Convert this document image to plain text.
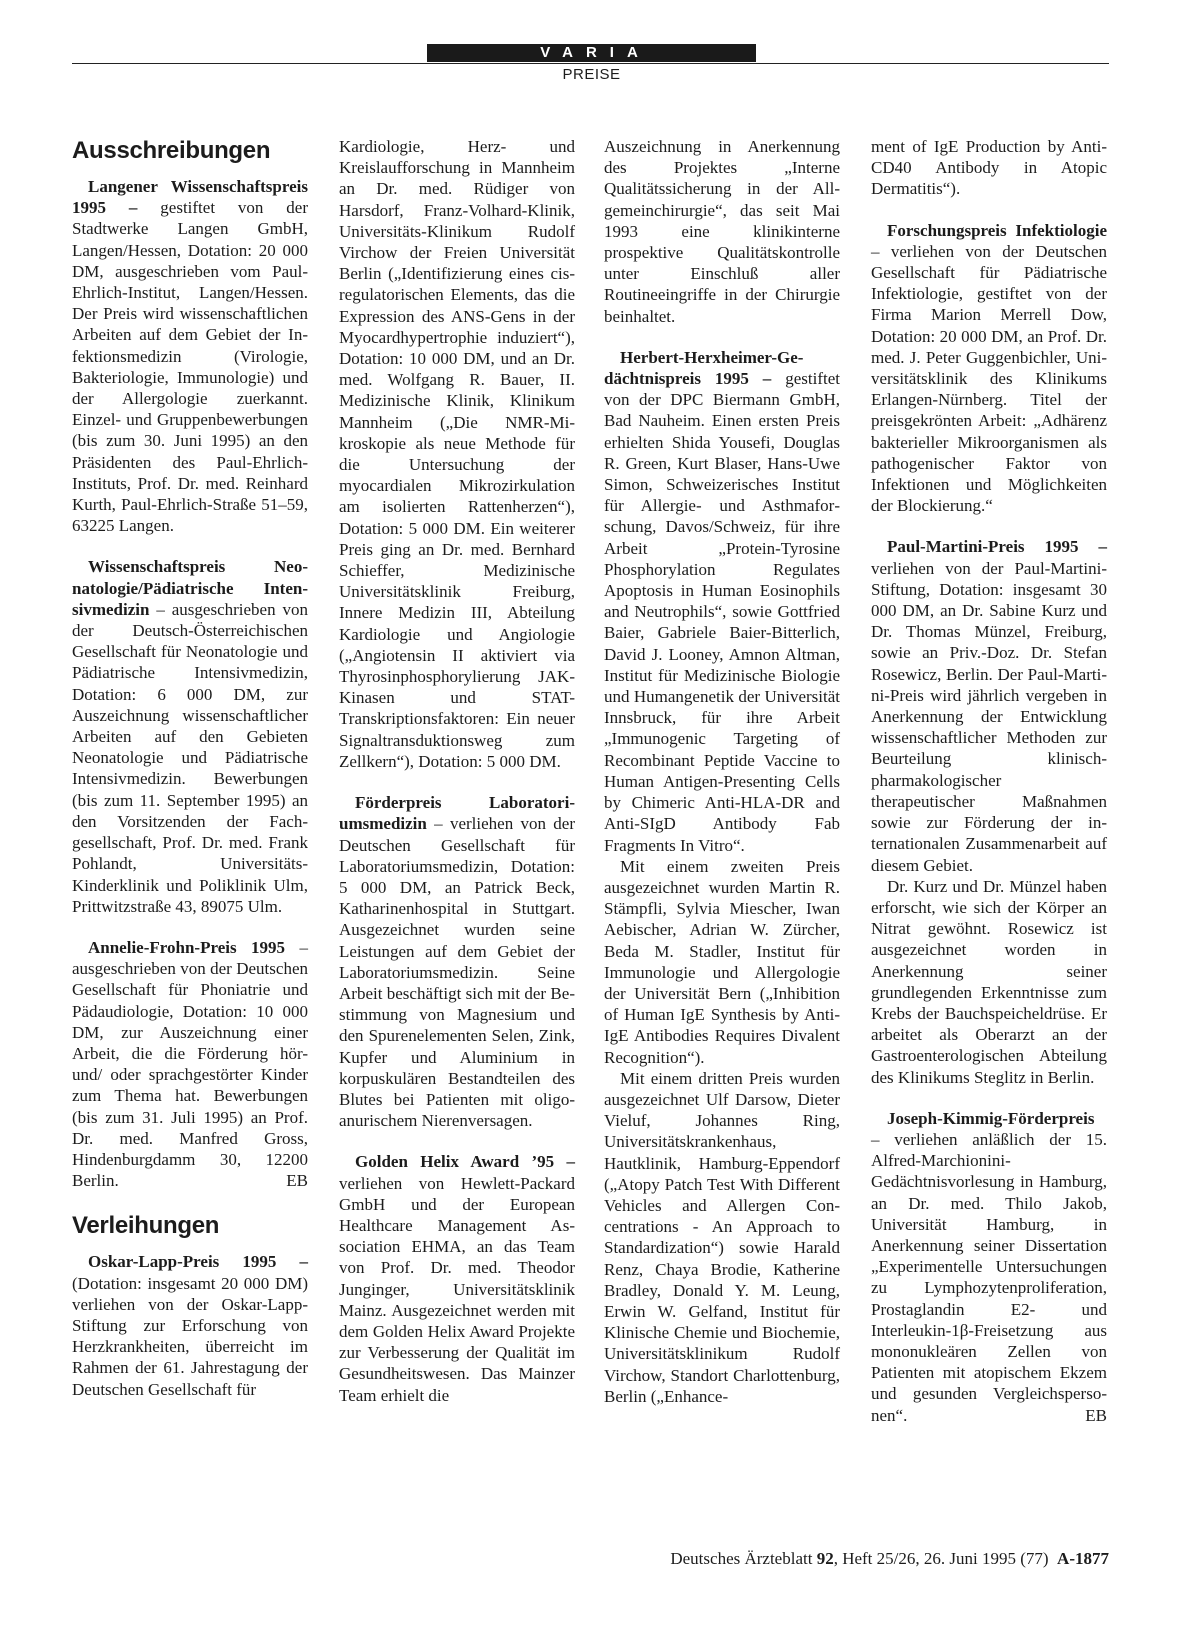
VARIA
PREISE
Ausschreibungen

Langener Wissenschaftspreis 1995 – gestiftet von der Stadtwerke Langen GmbH, Langen/Hessen, Dotation: 20 000 DM, ausgeschrieben vom Paul-Ehrlich-Institut, Langen/Hessen. Der Preis wird wissenschaftlichen Arbeiten auf dem Gebiet der Infektionsmedizin (Virologie, Bakteriologie, Immunologie) und der Allergologie zuerkannt. Einzel- und Gruppenbewerbungen (bis zum 30. Juni 1995) an den Präsidenten des Paul-Ehrlich-Instituts, Prof. Dr. med. Reinhard Kurth, Paul-Ehrlich-Straße 51–59, 63225 Langen.

Wissenschaftspreis Neonatologie/Pädiatrische Intensivmedizin – ausgeschrieben von der Deutsch-Österreichischen Gesellschaft für Neonatologie und Pädiatrische Intensivmedizin, Dotation: 6 000 DM, zur Auszeichnung wissenschaftlicher Arbeiten auf den Gebieten Neonatologie und Pädiatrische Intensivmedizin. Bewerbungen (bis zum 11. September 1995) an den Vorsitzenden der Fachgesellschaft, Prof. Dr. med. Frank Pohlandt, Universitäts-Kinderklinik und Poliklinik Ulm, Prittwitzstraße 43, 89075 Ulm.

Annelie-Frohn-Preis 1995 – ausgeschrieben von der Deutschen Gesellschaft für Phoniatrie und Pädaudiologie, Dotation: 10 000 DM, zur Auszeichnung einer Arbeit, die die Förderung hör- und/ oder sprachgestörter Kinder zum Thema hat. Bewerbungen (bis zum 31. Juli 1995) an Prof. Dr. med. Manfred Gross, Hindenburgdamm 30, 12200 Berlin.	EB

Verleihungen

Oskar-Lapp-Preis 1995 – (Dotation: insgesamt 20 000 DM) verliehen von der Oskar-Lapp-Stiftung zur Erforschung von Herzkrankheiten, überreicht im Rahmen der 61. Jahrestagung der Deutschen Gesellschaft für

Kardiologie, Herz- und Kreislaufforschung in Mannheim an Dr. med. Rüdiger von Harsdorf, Franz-Volhard-Klinik, Universitäts-Klinikum Rudolf Virchow der Freien Universität Berlin („Identifizierung eines cis-regulatorischen Elements, das die Expression des ANS-Gens in der Myocardhypertrophie induziert“), Dotation: 10 000 DM, und an Dr. med. Wolfgang R. Bauer, II. Medizinische Klinik, Klinikum Mannheim („Die NMR-Mikroskopie als neue Methode für die Untersuchung der myocardialen Mikrozirkulation am isolierten Rattenherzen“), Dotation: 5 000 DM. Ein weiterer Preis ging an Dr. med. Bernhard Schieffer, Medizinische Universitätsklinik Freiburg, Innere Medizin III, Abteilung Kardiologie und Angiologie („Angiotensin II aktiviert via Thyrosinphosphorylierung JAK-Kinasen und STAT-Transkriptionsfaktoren: Ein neuer Signaltransduktionsweg zum Zellkern“), Dotation: 5 000 DM.

Förderpreis Laboratoriumsmedizin – verliehen von der Deutschen Gesellschaft für Laboratoriumsmedizin, Dotation: 5 000 DM, an Patrick Beck, Katharinenhospital in Stuttgart. Ausgezeichnet wurden seine Leistungen auf dem Gebiet der Laboratoriumsmedizin. Seine Arbeit beschäftigt sich mit der Bestimmung von Magnesium und den Spurenelementen Selen, Zink, Kupfer und Aluminium in korpuskulären Bestandteilen des Blutes bei Patienten mit oligo-anurischem Nierenversagen.

Golden Helix Award ’95 – verliehen von Hewlett-Packard GmbH und der European Healthcare Management Association EHMA, an das Team von Prof. Dr. med. Theodor Junginger, Universitätsklinik Mainz. Ausgezeichnet werden mit dem Golden Helix Award Projekte zur Verbesserung der Qualität im Gesundheitswesen. Das Mainzer Team erhielt die

Auszeichnung in Anerkennung des Projektes „Interne Qualitätssicherung in der Allgemeinchirurgie“, das seit Mai 1993 eine klinikinterne prospektive Qualitätskontrolle unter Einschluß aller Routineeingriffe in der Chirurgie beinhaltet.

Herbert-Herxheimer-Gedächtnispreis 1995 – gestiftet von der DPC Biermann GmbH, Bad Nauheim. Einen ersten Preis erhielten Shida Yousefi, Douglas R. Green, Kurt Blaser, Hans-Uwe Simon, Schweizerisches Institut für Allergie- und Asthmaforschung, Davos/Schweiz, für ihre Arbeit „Protein-Tyrosine Phosphorylation Regulates Apoptosis in Human Eosinophils and Neutrophils“, sowie Gottfried Baier, Gabriele Baier-Bitterlich, David J. Looney, Amnon Altman, Institut für Medizinische Biologie und Humangenetik der Universität Innsbruck, für ihre Arbeit „Immunogenic Targeting of Recombinant Peptide Vaccine to Human Antigen-Presenting Cells by Chimeric Anti-HLA-DR and Anti-SIgD Antibody Fab Fragments In Vitro“.

Mit einem zweiten Preis ausgezeichnet wurden Martin R. Stämpfli, Sylvia Miescher, Iwan Aebischer, Adrian W. Zürcher, Beda M. Stadler, Institut für Immunologie und Allergologie der Universität Bern („Inhibition of Human IgE Synthesis by Anti-IgE Antibodies Requires Divalent Recognition“).

Mit einem dritten Preis wurden ausgezeichnet Ulf Darsow, Dieter Vieluf, Johannes Ring, Universitätskrankenhaus, Hautklinik, Hamburg-Eppendorf („Atopy Patch Test With Different Vehicles and Allergen Concentrations - An Approach to Standardization“) sowie Harald Renz, Chaya Brodie, Katherine Bradley, Donald Y. M. Leung, Erwin W. Gelfand, Institut für Klinische Chemie und Biochemie, Universitätsklinikum Rudolf Virchow, Standort Charlottenburg, Berlin („Enhance-

ment of IgE Production by Anti-CD40 Antibody in Atopic Dermatitis“).

Forschungspreis Infektiologie – verliehen von der Deutschen Gesellschaft für Pädiatrische Infektiologie, gestiftet von der Firma Marion Merrell Dow, Dotation: 20 000 DM, an Prof. Dr. med. J. Peter Guggenbichler, Universitätsklinik des Klinikums Erlangen-Nürnberg. Titel der preisgekrönten Arbeit: „Adhärenz bakterieller Mikroorganismen als pathogenischer Faktor von Infektionen und Möglichkeiten der Blockierung.“

Paul-Martini-Preis 1995 – verliehen von der Paul-Martini-Stiftung, Dotation: insgesamt 30 000 DM, an Dr. Sabine Kurz und Dr. Thomas Münzel, Freiburg, sowie an Priv.-Doz. Dr. Stefan Rosewicz, Berlin. Der Paul-Martini-Preis wird jährlich vergeben in Anerkennung der Entwicklung wissenschaftlicher Methoden zur Beurteilung klinisch-pharmakologischer therapeutischer Maßnahmen sowie zur Förderung der internationalen Zusammenarbeit auf diesem Gebiet.

Dr. Kurz und Dr. Münzel haben erforscht, wie sich der Körper an Nitrat gewöhnt. Rosewicz ist ausgezeichnet worden in Anerkennung seiner grundlegenden Erkenntnisse zum Krebs der Bauchspeicheldrüse. Er arbeitet als Oberarzt an der Gastroenterologischen Abteilung des Klinikums Steglitz in Berlin.

Joseph-Kimmig-Förderpreis – verliehen anläßlich der 15. Alfred-Marchionini-Gedächtnisvorlesung in Hamburg, an Dr. med. Thilo Jakob, Universität Hamburg, in Anerkennung seiner Dissertation „Experimentelle Untersuchungen zu Lymphozytenproliferation, Prostaglandin E2- und Interleukin-1β-Freisetzung aus mononukleären Zellen von Patienten mit atopischem Ekzem und gesunden Vergleichspersonen“.	EB

Deutsches Ärzteblatt 92, Heft 25/26, 26. Juni 1995 (77) A-1877
